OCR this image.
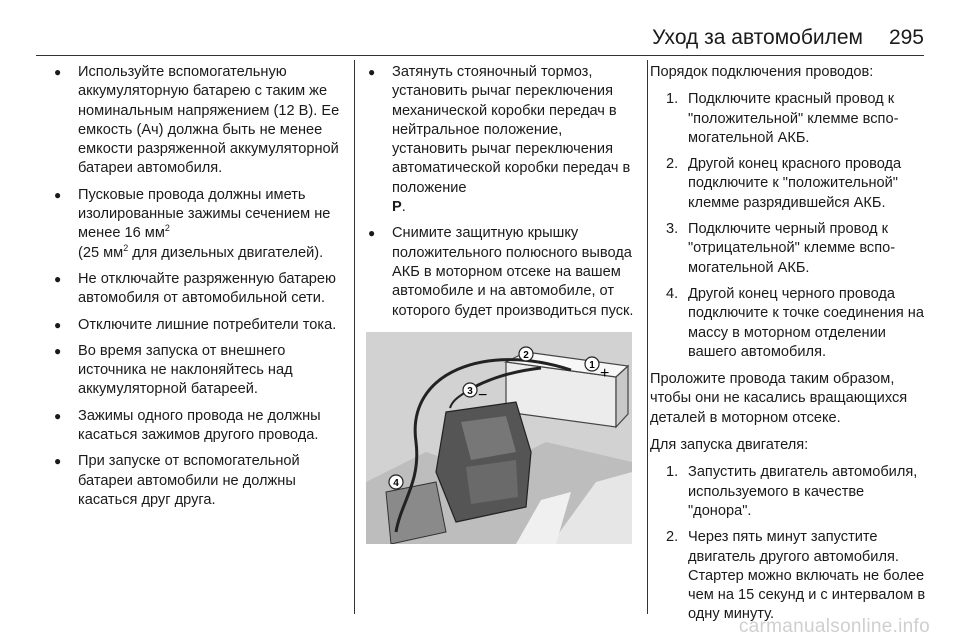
Уход за автомобилем 295
● Используйте вспомогательную аккумуляторную батарею с таким же номинальным напряжением (12 В). Ее емкость (Ач) должна быть не менее емкости разряженной аккумуляторной батареи автомобиля.
● Пусковые провода должны иметь изолированные зажимы сечением не менее 16 $мм^2$
(25 $мм^2$ для дизельных двигателей).
● Не отключайте разряженную батарею автомобиля от автомобильной сети.
● Отключите лишние потребители тока.
● Во время запуска от внешнего источника не наклоняйтесь над аккумуляторной батареей.
● Зажимы одного провода не должны касаться зажимов другого провода.
● При запуске от вспомогательной батареи автомобили не должны касаться друг друга.
● Затянуть стояночный тормоз, установить рычаг переключения механической коробки передач в нейтральное положение, установить рычаг переключения автоматической коробки передач в положение
P.
● Снимите защитную крышку положительного полюсного вывода АКБ в моторном отсеке на вашем автомобиле и на автомобиле, от которого будет производиться пуск.
2
1 +
3 −
4

Порядок подключения проводов:

1. Подключите красный провод к "положительной" клемме вспомогательной АКБ.
2. Другой конец красного провода подключите к "положительной" клемме разрядившейся АКБ.
3. Подключите черный провод к "отрицательной" клемме вспомогательной АКБ.
4. Другой конец черного провода подключите к точке соединения на массу в моторном отделении вашего автомобиля.

Проложите провода таким образом, чтобы они не касались вращающихся деталей в моторном отсеке.

Для запуска двигателя:

1. Запустить двигатель автомобиля, используемого в качестве "донора".
2. Через пять минут запустите двигатель другого автомобиля. Стартер можно включать не более чем на 15 секунд и с интервалом в одну минуту.
carmanualsonline.info
